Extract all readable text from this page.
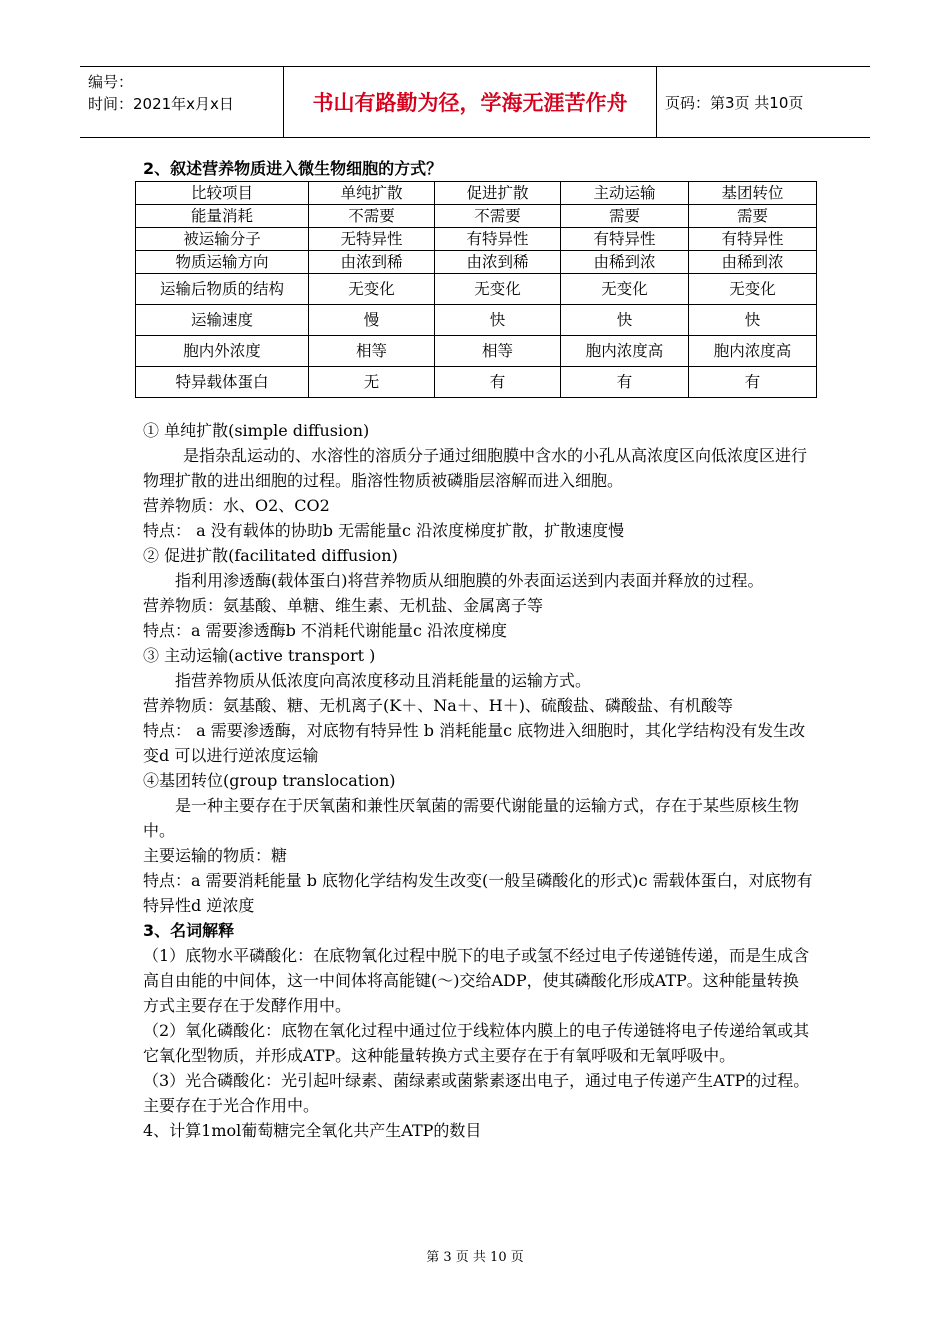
编号：
时间：2021年x月x日	书山有路勤为径，学海无涯苦作舟	页码：第3页 共10页

2、叙述营养物质进入微生物细胞的方式？

比较项目	单纯扩散	促进扩散	主动运输	基团转位
能量消耗	不需要	不需要	需要	需要
被运输分子	无特异性	有特异性	有特异性	有特异性
物质运输方向	由浓到稀	由浓到稀	由稀到浓	由稀到浓
运输后物质的结构	无变化	无变化	无变化	无变化
运输速度	慢	快	快	快
胞内外浓度	相等	相等	胞内浓度高	胞内浓度高
特异载体蛋白	无	有	有	有

① 单纯扩散(simple diffusion)

是指杂乱运动的、水溶性的溶质分子通过细胞膜中含水的小孔从高浓度区向低浓度区进行物理扩散的进出细胞的过程。脂溶性物质被磷脂层溶解而进入细胞。

营养物质：水、O2、CO2

特点： a 没有载体的协助b 无需能量c 沿浓度梯度扩散，扩散速度慢

② 促进扩散(facilitated diffusion)

指利用渗透酶(载体蛋白)将营养物质从细胞膜的外表面运送到内表面并释放的过程。

营养物质：氨基酸、单糖、维生素、无机盐、金属离子等

特点：a 需要渗透酶b 不消耗代谢能量c 沿浓度梯度

③ 主动运输(active transport )

指营养物质从低浓度向高浓度移动且消耗能量的运输方式。

营养物质：氨基酸、糖、无机离子(K＋、Na＋、H＋)、硫酸盐、磷酸盐、有机酸等

特点： a 需要渗透酶，对底物有特异性 b 消耗能量c 底物进入细胞时，其化学结构没有发生改变d 可以进行逆浓度运输

④基团转位(group translocation)

是一种主要存在于厌氧菌和兼性厌氧菌的需要代谢能量的运输方式，存在于某些原核生物中。

主要运输的物质：糖

特点：a 需要消耗能量 b 底物化学结构发生改变(一般呈磷酸化的形式)c 需载体蛋白，对底物有特异性d 逆浓度

3、名词解释

（1）底物水平磷酸化：在底物氧化过程中脱下的电子或氢不经过电子传递链传递，而是生成含高自由能的中间体，这一中间体将高能键(～)交给ADP，使其磷酸化形成ATP。这种能量转换方式主要存在于发酵作用中。

（2）氧化磷酸化：底物在氧化过程中通过位于线粒体内膜上的电子传递链将电子传递给氧或其它氧化型物质，并形成ATP。这种能量转换方式主要存在于有氧呼吸和无氧呼吸中。

（3）光合磷酸化：光引起叶绿素、菌绿素或菌紫素逐出电子，通过电子传递产生ATP的过程。主要存在于光合作用中。

4、计算1mol葡萄糖完全氧化共产生ATP的数目

第 3 页 共 10 页
